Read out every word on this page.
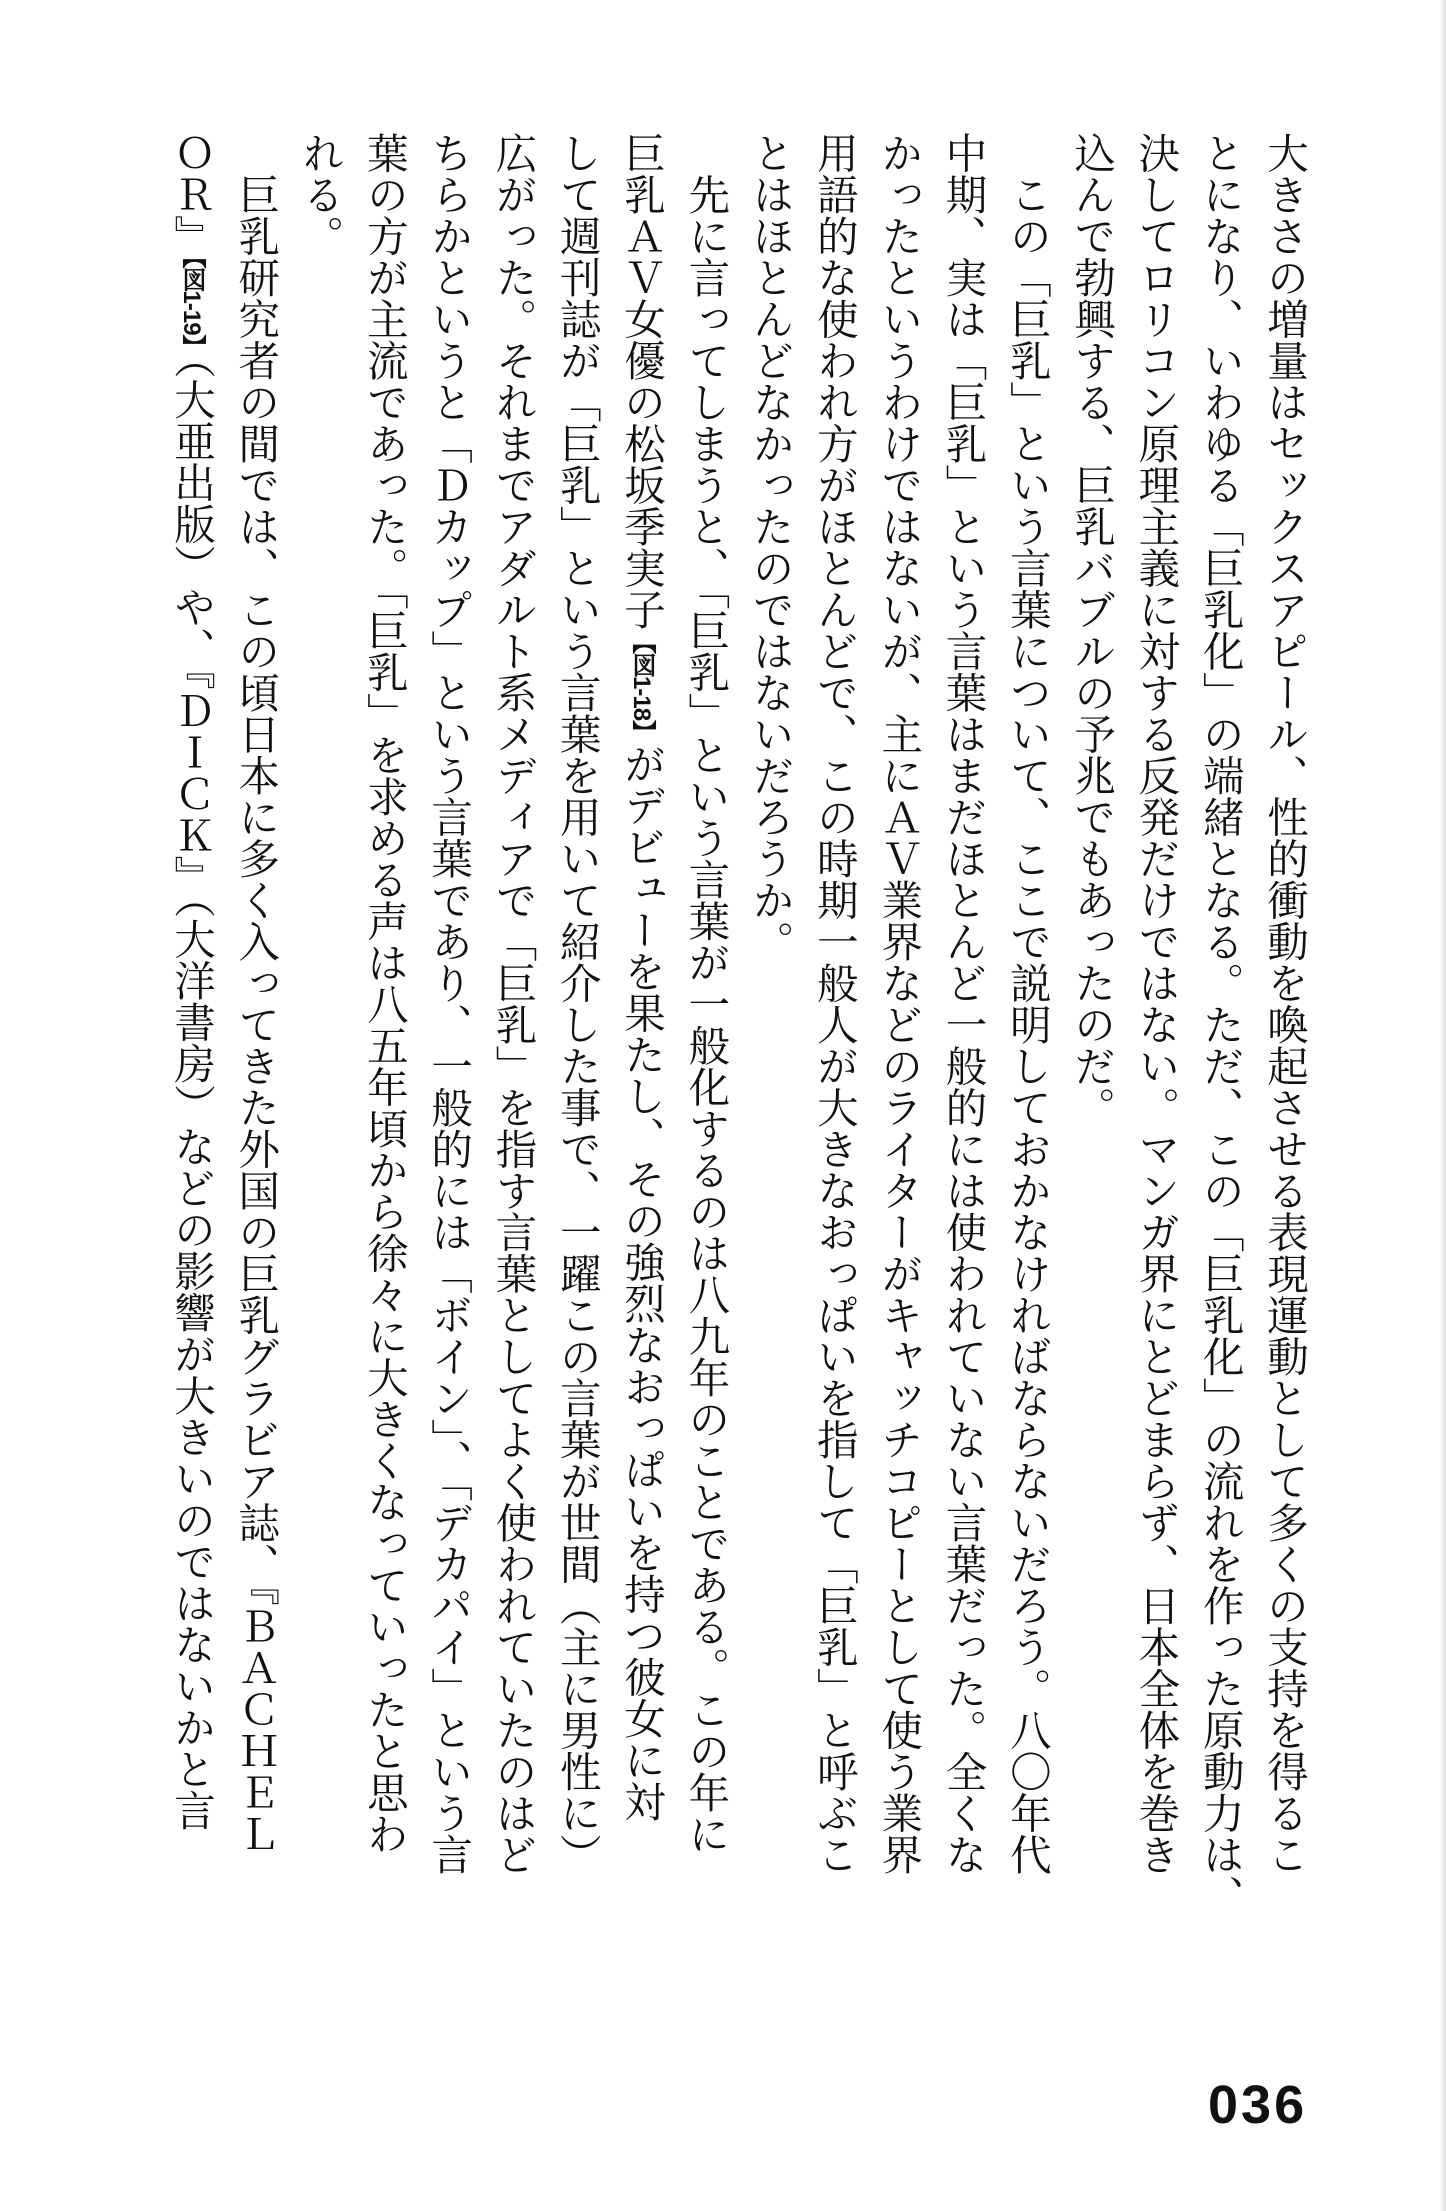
大きさの増量はセックスアピール、性的衝動を喚起させる表現運動として多くの支持を得るこ
とになり、いわゆる「巨乳化」の端緒となる。ただ、この「巨乳化」の流れを作った原動力は、
決してロリコン原理主義に対する反発だけではない。マンガ界にとどまらず、日本全体を巻き
込んで勃興する、巨乳バブルの予兆でもあったのだ。
　この「巨乳」という言葉について、ここで説明しておかなければならないだろう。八〇年代
中期、実は「巨乳」という言葉はまだほとんど一般的には使われていない言葉だった。全くな
かったというわけではないが、主にＡＶ業界などのライターがキャッチコピーとして使う業界
用語的な使われ方がほとんどで、この時期一般人が大きなおっぱいを指して「巨乳」と呼ぶこ
とはほとんどなかったのではないだろうか。
　先に言ってしまうと、「巨乳」という言葉が一般化するのは八九年のことである。この年に
巨乳ＡＶ女優の松坂季実子【図1-18】がデビューを果たし、その強烈なおっぱいを持つ彼女に対
して週刊誌が「巨乳」という言葉を用いて紹介した事で、一躍この言葉が世間（主に男性に）
広がった。それまでアダルト系メディアで「巨乳」を指す言葉としてよく使われていたのはど
ちらかというと「Ｄカップ」という言葉であり、一般的には「ボイン」、「デカパイ」という言
葉の方が主流であった。「巨乳」を求める声は八五年頃から徐々に大きくなっていったと思わ
れる。
　巨乳研究者の間では、この頃日本に多く入ってきた外国の巨乳グラビア誌、『ＢＡＣＨＥＬ
ＯＲ』【図1-19】（大亜出版）や、『ＤＩＣＫ』（大洋書房）などの影響が大きいのではないかと言
036
